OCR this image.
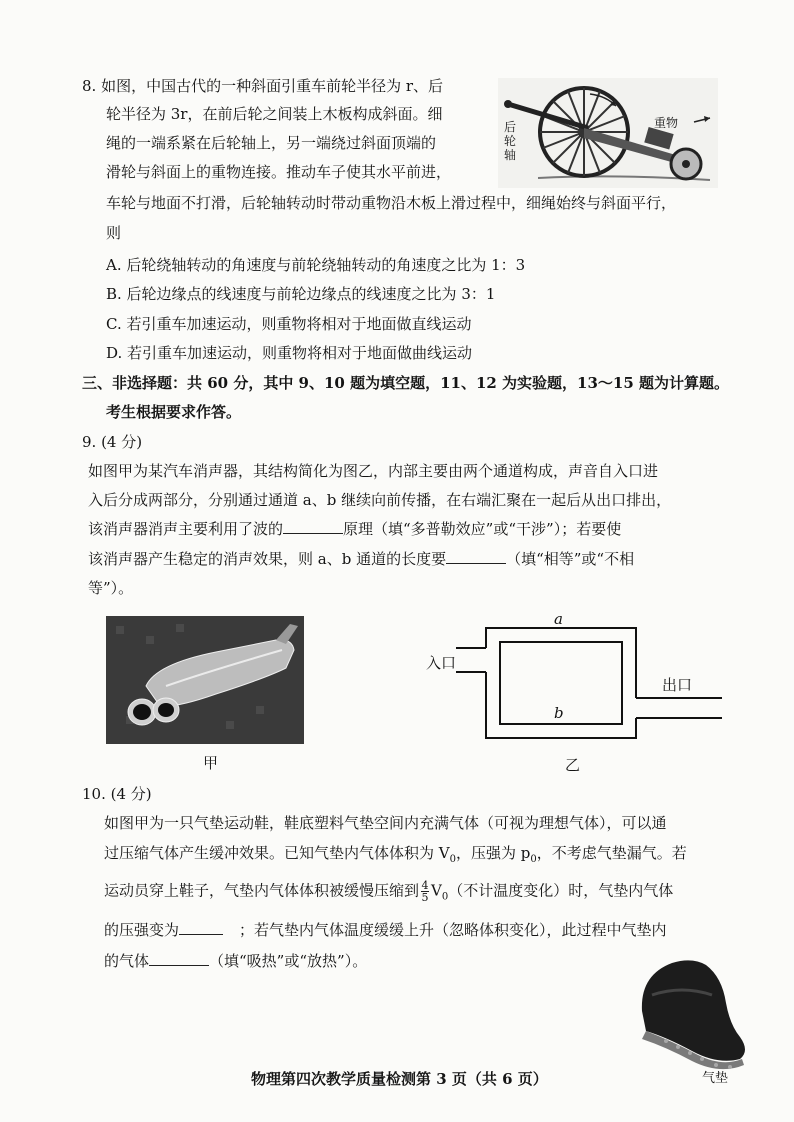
8. 如图，中国古代的一种斜面引重车前轮半径为 r、后
轮半径为 3r，在前后轮之间装上木板构成斜面。细
绳的一端系紧在后轮轴上，另一端绕过斜面顶端的
滑轮与斜面上的重物连接。推动车子使其水平前进，
车轮与地面不打滑，后轮轴转动时带动重物沿木板上滑过程中，细绳始终与斜面平行，
则
后轮轴
重物
A. 后轮绕轴转动的角速度与前轮绕轴转动的角速度之比为 1：3
B. 后轮边缘点的线速度与前轮边缘点的线速度之比为 3：1
C. 若引重车加速运动，则重物将相对于地面做直线运动
D. 若引重车加速运动，则重物将相对于地面做曲线运动
三、非选择题：共 60 分，其中 9、10 题为填空题，11、12 为实验题，13～15 题为计算题。
考生根据要求作答。
9. (4 分)
如图甲为某汽车消声器，其结构简化为图乙，内部主要由两个通道构成，声音自入口进
入后分成两部分，分别通过通道 a、b 继续向前传播，在右端汇聚在一起后从出口排出，
该消声器消声主要利用了波的	原理（填“多普勒效应”或“干涉”）；若要使
该消声器产生稳定的消声效果，则 a、b 通道的长度要	（填“相等”或“不相
等”）。
甲
入口
出口
a
b
乙
10. (4 分)
如图甲为一只气垫运动鞋，鞋底塑料气垫空间内充满气体（可视为理想气体），可以通
过压缩气体产生缓冲效果。已知气垫内气体体积为 $V_0$，压强为 $p_0$，不考虑气垫漏气。若
运动员穿上鞋子，气垫内气体体积被缓慢压缩到 $\frac{4}{5} V_0$（不计温度变化）时，气垫内气体
的压强变为	；若气垫内气体温度缓缓上升（忽略体积变化），此过程中气垫内
的气体	（填“吸热”或“放热”）。
气垫
物理第四次教学质量检测第 3 页（共 6 页）
